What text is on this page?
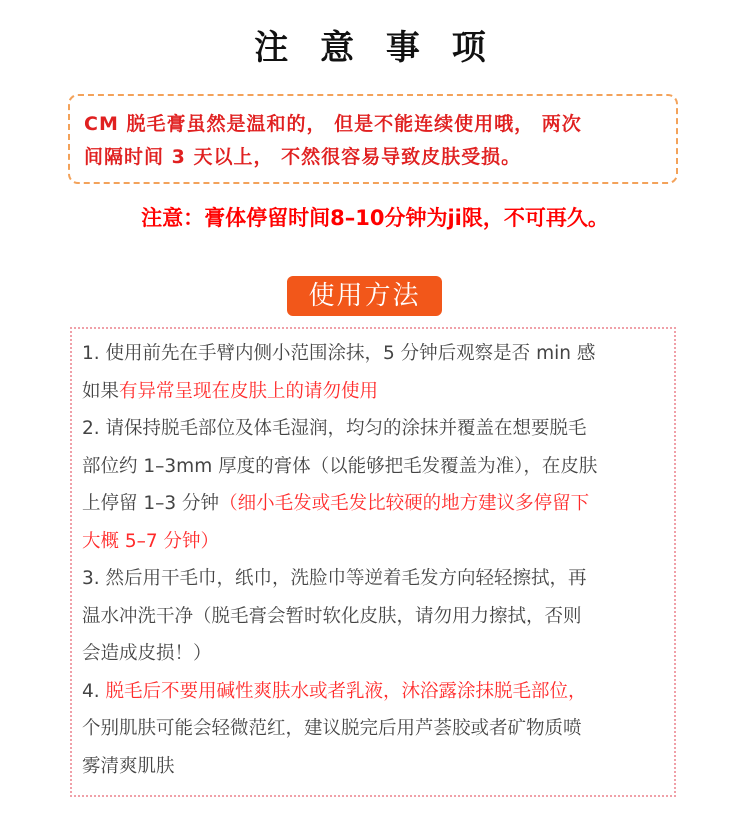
注 意 事 项
CM 脱毛膏虽然是温和的， 但是不能连续使用哦， 两次
间隔时间 3 天以上， 不然很容易导致皮肤受损。
注意：膏体停留时间8–10分钟为ji限，不可再久。
使用方法
1. 使用前先在手臂内侧小范围涂抹，5 分钟后观察是否 min 感
如果有异常呈现在皮肤上的请勿使用
2. 请保持脱毛部位及体毛湿润，均匀的涂抹并覆盖在想要脱毛
部位约 1–3mm 厚度的膏体（以能够把毛发覆盖为准），在皮肤
上停留 1–3 分钟（细小毛发或毛发比较硬的地方建议多停留下
大概 5–7 分钟）
3. 然后用干毛巾，纸巾，洗脸巾等逆着毛发方向轻轻擦拭，再
温水冲洗干净（脱毛膏会暂时软化皮肤，请勿用力擦拭，否则
会造成皮损！）
4. 脱毛后不要用碱性爽肤水或者乳液，沐浴露涂抹脱毛部位，
个别肌肤可能会轻微范红，建议脱完后用芦荟胶或者矿物质喷
雾清爽肌肤
